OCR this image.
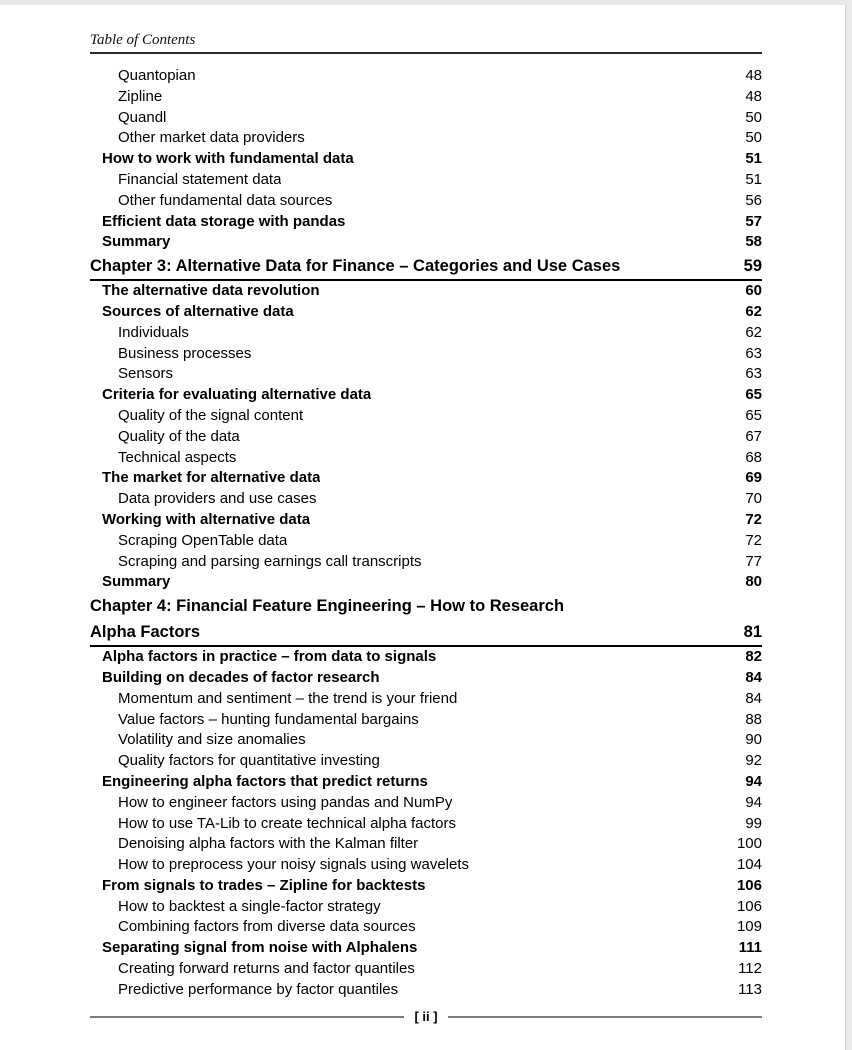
Table of Contents
Quantopian	48
Zipline	48
Quandl	50
Other market data providers	50
How to work with fundamental data	51
Financial statement data	51
Other fundamental data sources	56
Efficient data storage with pandas	57
Summary	58
Chapter 3: Alternative Data for Finance – Categories and Use Cases	59
The alternative data revolution	60
Sources of alternative data	62
Individuals	62
Business processes	63
Sensors	63
Criteria for evaluating alternative data	65
Quality of the signal content	65
Quality of the data	67
Technical aspects	68
The market for alternative data	69
Data providers and use cases	70
Working with alternative data	72
Scraping OpenTable data	72
Scraping and parsing earnings call transcripts	77
Summary	80
Chapter 4: Financial Feature Engineering – How to Research
Alpha Factors	81
Alpha factors in practice – from data to signals	82
Building on decades of factor research	84
Momentum and sentiment – the trend is your friend	84
Value factors – hunting fundamental bargains	88
Volatility and size anomalies	90
Quality factors for quantitative investing	92
Engineering alpha factors that predict returns	94
How to engineer factors using pandas and NumPy	94
How to use TA-Lib to create technical alpha factors	99
Denoising alpha factors with the Kalman filter	100
How to preprocess your noisy signals using wavelets	104
From signals to trades – Zipline for backtests	106
How to backtest a single-factor strategy	106
Combining factors from diverse data sources	109
Separating signal from noise with Alphalens	111
Creating forward returns and factor quantiles	112
Predictive performance by factor quantiles	113
[ ii ]
